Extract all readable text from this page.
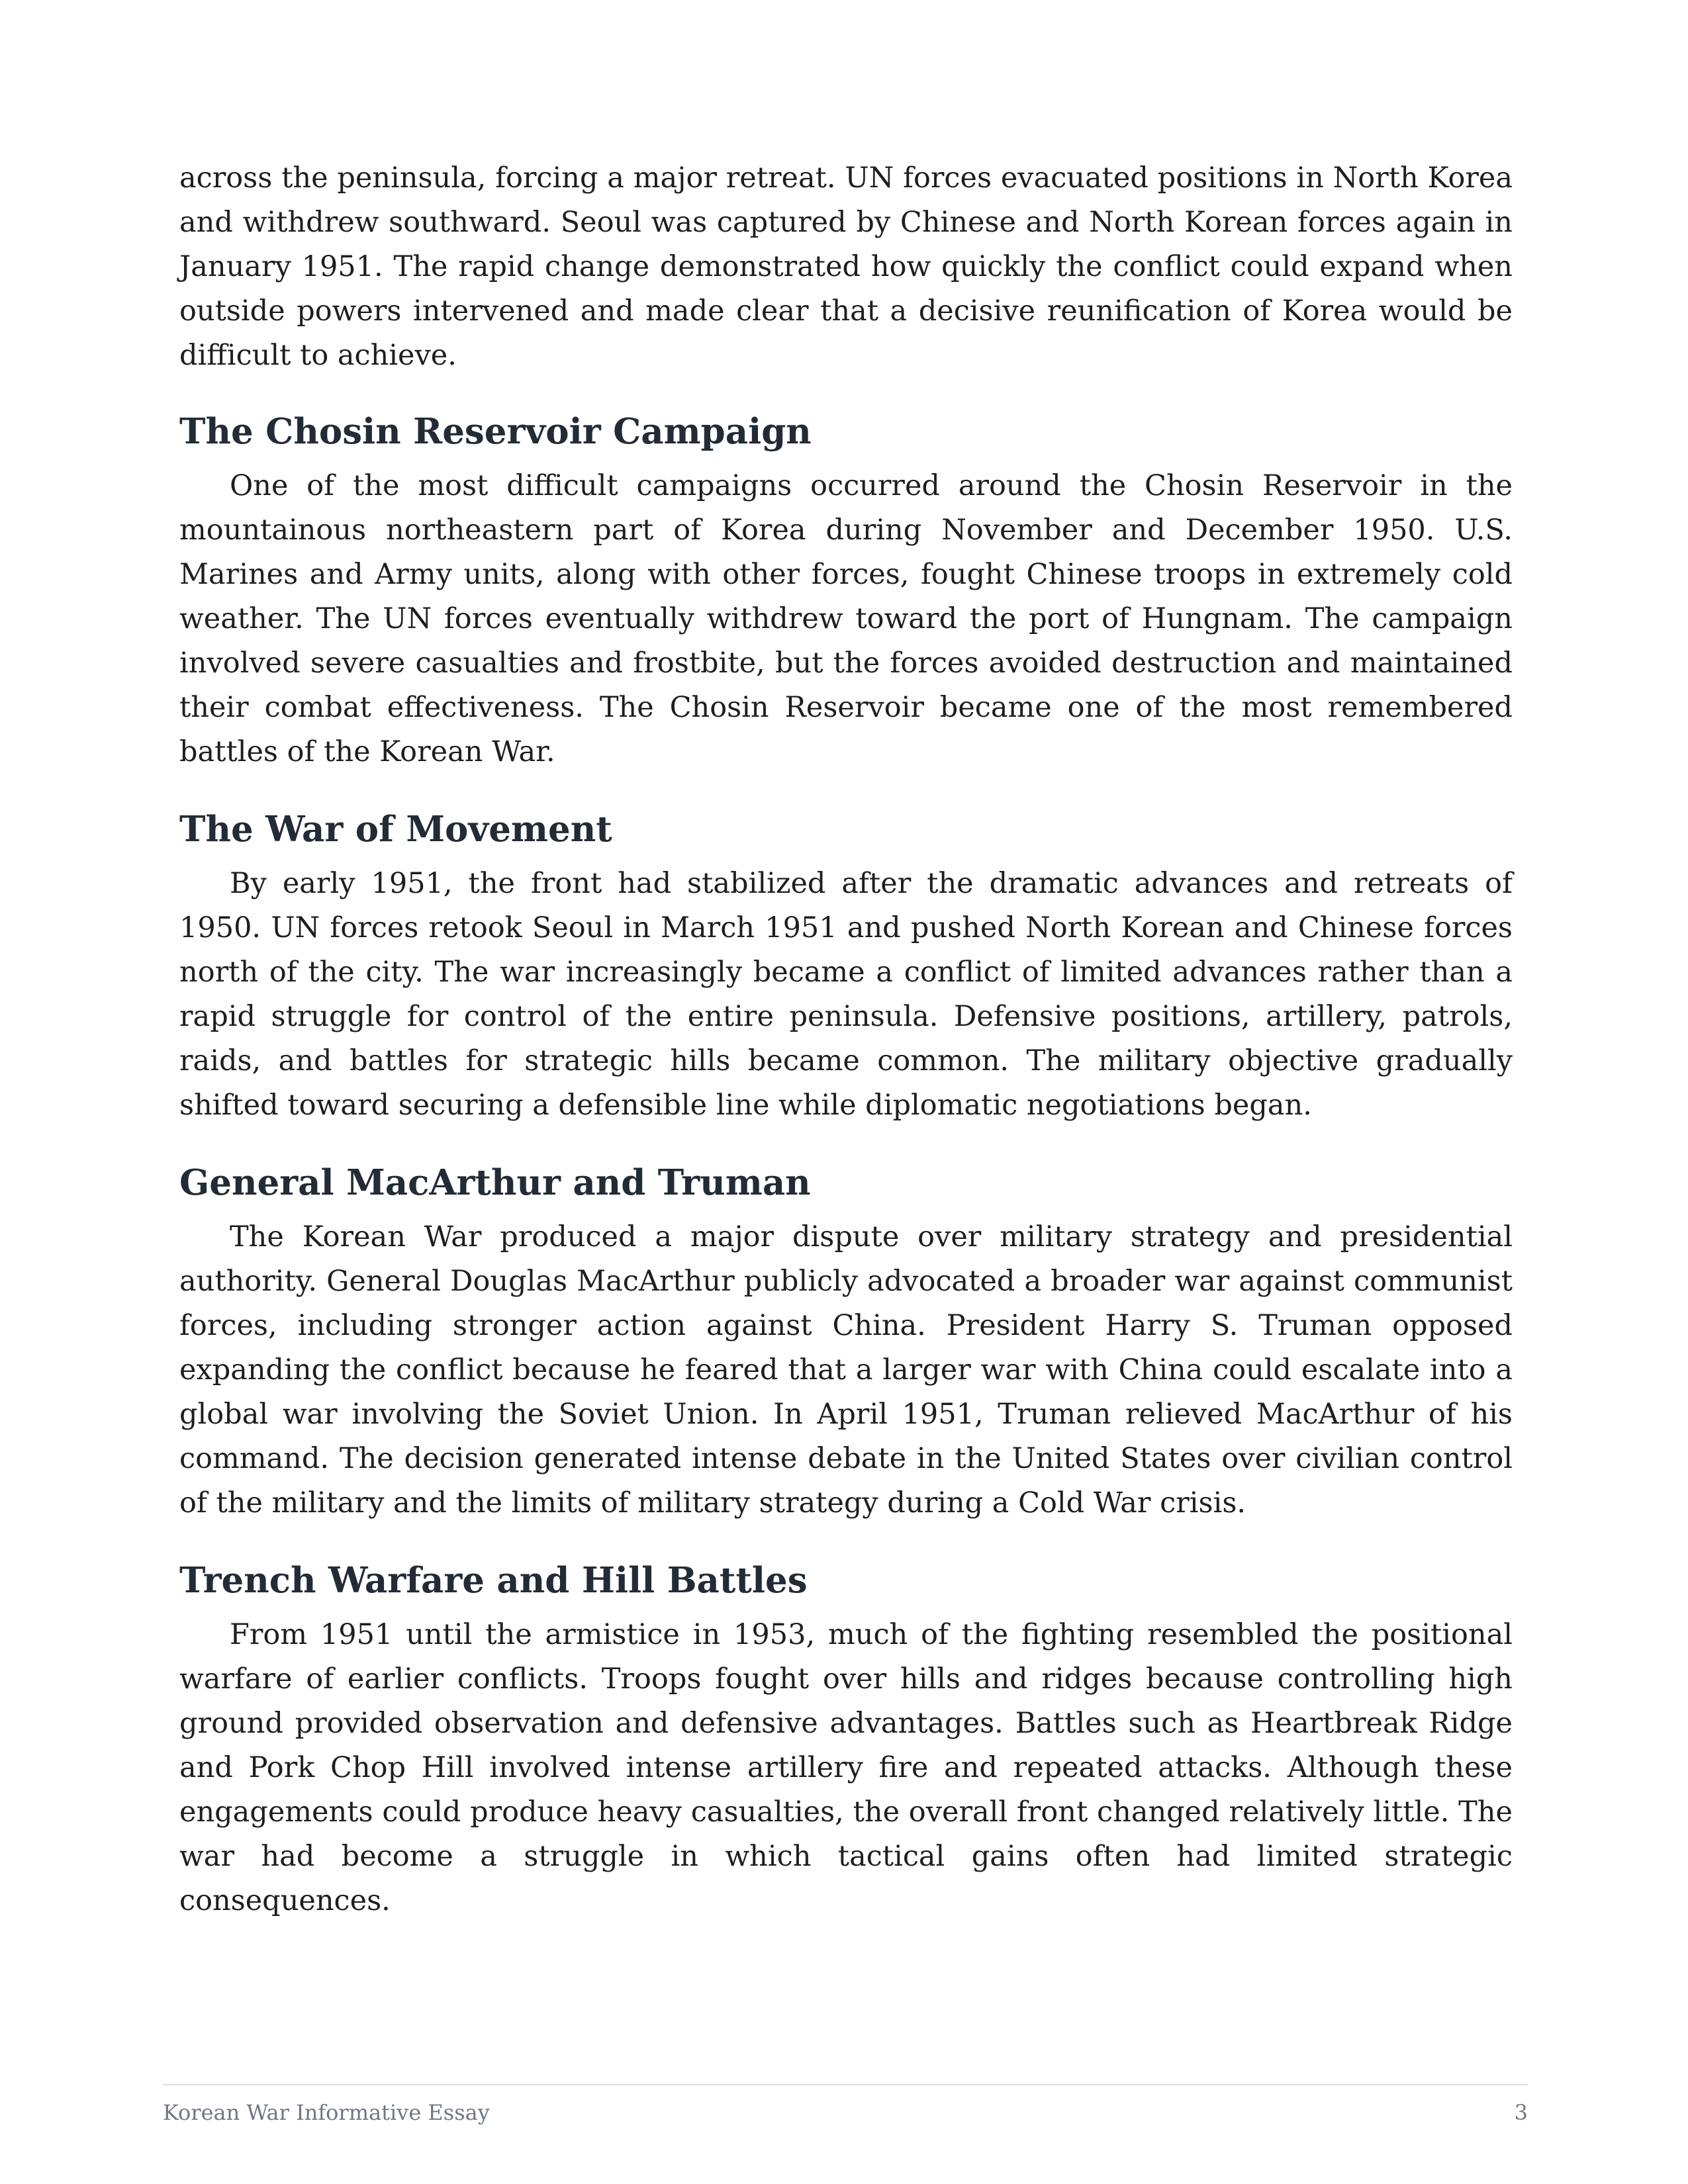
across the peninsula, forcing a major retreat. UN forces evacuated positions in North Korea and withdrew southward. Seoul was captured by Chinese and North Korean forces again in January 1951. The rapid change demonstrated how quickly the conflict could expand when outside powers intervened and made clear that a decisive reunification of Korea would be difficult to achieve.

The Chosin Reservoir Campaign

One of the most difficult campaigns occurred around the Chosin Reservoir in the mountainous northeastern part of Korea during November and December 1950. U.S. Marines and Army units, along with other forces, fought Chinese troops in extremely cold weather. The UN forces eventually withdrew toward the port of Hungnam. The campaign involved severe casualties and frostbite, but the forces avoided destruction and maintained their combat effectiveness. The Chosin Reservoir became one of the most remembered battles of the Korean War.

The War of Movement

By early 1951, the front had stabilized after the dramatic advances and retreats of 1950. UN forces retook Seoul in March 1951 and pushed North Korean and Chinese forces north of the city. The war increasingly became a conflict of limited advances rather than a rapid struggle for control of the entire peninsula. Defensive positions, artillery, patrols, raids, and battles for strategic hills became common. The military objective gradually shifted toward securing a defensible line while diplomatic negotiations began.

General MacArthur and Truman

The Korean War produced a major dispute over military strategy and presidential authority. General Douglas MacArthur publicly advocated a broader war against communist forces, including stronger action against China. President Harry S. Truman opposed expanding the conflict because he feared that a larger war with China could escalate into a global war involving the Soviet Union. In April 1951, Truman relieved MacArthur of his command. The decision generated intense debate in the United States over civilian control of the military and the limits of military strategy during a Cold War crisis.

Trench Warfare and Hill Battles

From 1951 until the armistice in 1953, much of the fighting resembled the positional warfare of earlier conflicts. Troops fought over hills and ridges because controlling high ground provided observation and defensive advantages. Battles such as Heartbreak Ridge and Pork Chop Hill involved intense artillery fire and repeated attacks. Although these engagements could produce heavy casualties, the overall front changed relatively little. The war had become a struggle in which tactical gains often had limited strategic consequences.

Korean War Informative Essay	3
